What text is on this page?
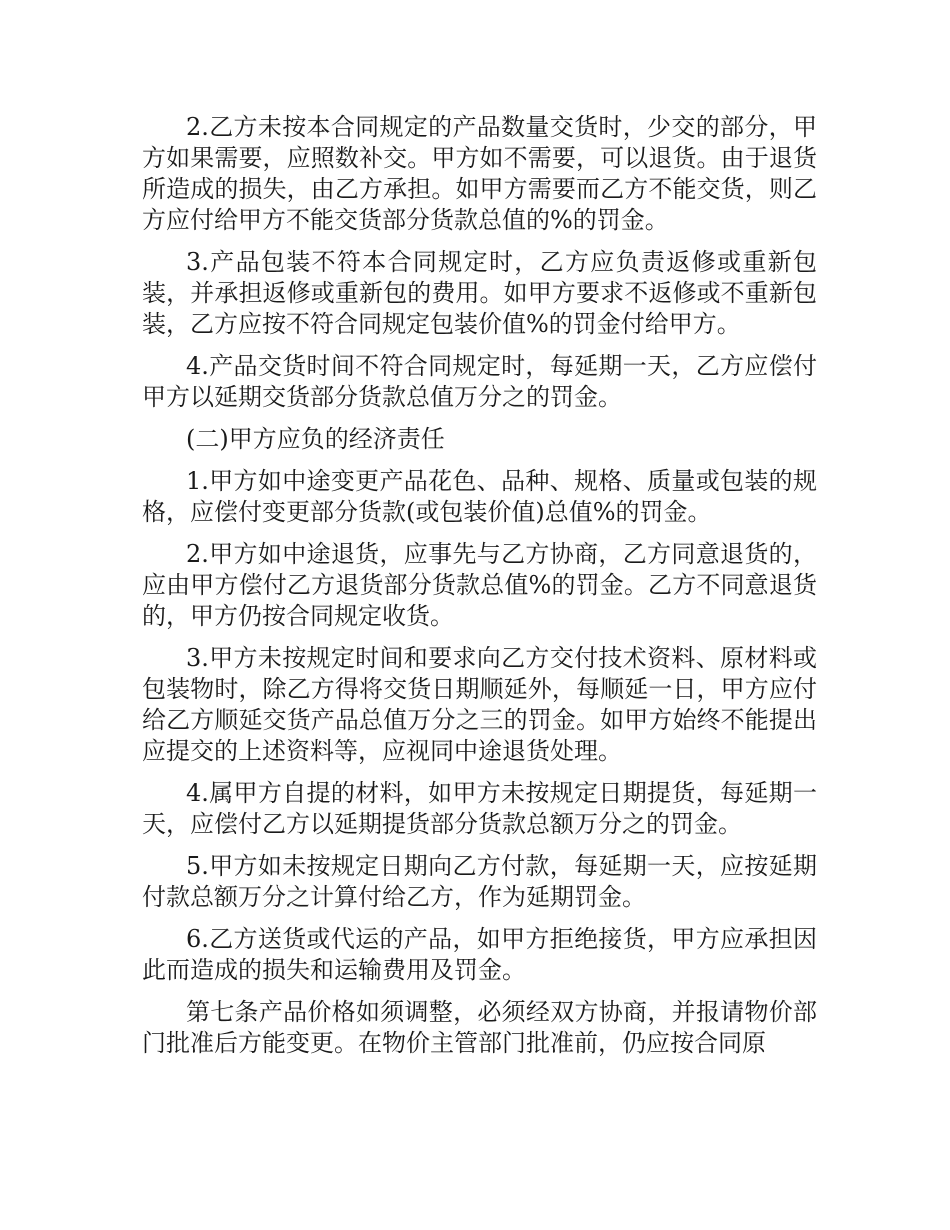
2.乙方未按本合同规定的产品数量交货时，少交的部分，甲方如果需要，应照数补交。甲方如不需要，可以退货。由于退货所造成的损失，由乙方承担。如甲方需要而乙方不能交货，则乙方应付给甲方不能交货部分货款总值的%的罚金。

3.产品包装不符本合同规定时，乙方应负责返修或重新包装，并承担返修或重新包的费用。如甲方要求不返修或不重新包装，乙方应按不符合同规定包装价值%的罚金付给甲方。

4.产品交货时间不符合同规定时，每延期一天，乙方应偿付甲方以延期交货部分货款总值万分之的罚金。

(二)甲方应负的经济责任

1.甲方如中途变更产品花色、品种、规格、质量或包装的规格，应偿付变更部分货款(或包装价值)总值%的罚金。

2.甲方如中途退货，应事先与乙方协商，乙方同意退货的，应由甲方偿付乙方退货部分货款总值%的罚金。乙方不同意退货的，甲方仍按合同规定收货。

3.甲方未按规定时间和要求向乙方交付技术资料、原材料或包装物时，除乙方得将交货日期顺延外，每顺延一日，甲方应付给乙方顺延交货产品总值万分之三的罚金。如甲方始终不能提出应提交的上述资料等，应视同中途退货处理。

4.属甲方自提的材料，如甲方未按规定日期提货，每延期一天，应偿付乙方以延期提货部分货款总额万分之的罚金。

5.甲方如未按规定日期向乙方付款，每延期一天，应按延期付款总额万分之计算付给乙方，作为延期罚金。

6.乙方送货或代运的产品，如甲方拒绝接货，甲方应承担因此而造成的损失和运输费用及罚金。

第七条产品价格如须调整，必须经双方协商，并报请物价部门批准后方能变更。在物价主管部门批准前，仍应按合同原
